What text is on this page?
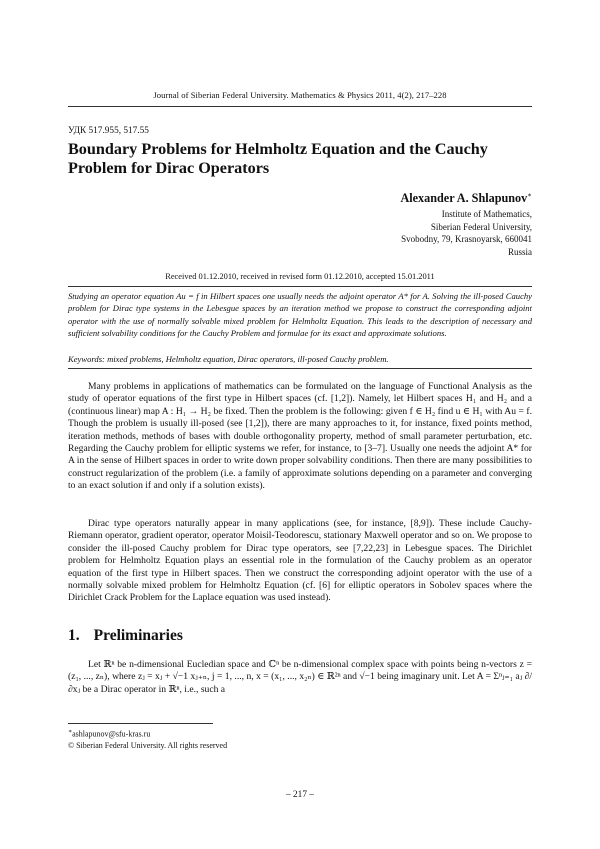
Journal of Siberian Federal University. Mathematics & Physics 2011, 4(2), 217–228
УДК 517.955, 517.55
Boundary Problems for Helmholtz Equation and the Cauchy Problem for Dirac Operators
Alexander A. Shlapunov∗
Institute of Mathematics,
Siberian Federal University,
Svobodny, 79, Krasnoyarsk, 660041
Russia
Received 01.12.2010, received in revised form 01.12.2010, accepted 15.01.2011
Studying an operator equation Au = f in Hilbert spaces one usually needs the adjoint operator A* for A. Solving the ill-posed Cauchy problem for Dirac type systems in the Lebesgue spaces by an iteration method we propose to construct the corresponding adjoint operator with the use of normally solvable mixed problem for Helmholtz Equation. This leads to the description of necessary and sufficient solvability conditions for the Cauchy Problem and formulae for its exact and approximate solutions.
Keywords: mixed problems, Helmholtz equation, Dirac operators, ill-posed Cauchy problem.

Many problems in applications of mathematics can be formulated on the language of Functional Analysis as the study of operator equations of the first type in Hilbert spaces (cf. [1,2]). Namely, let Hilbert spaces H₁ and H₂ and a (continuous linear) map A : H₁ → H₂ be fixed. Then the problem is the following: given f ∈ H₂ find u ∈ H₁ with Au = f. Though the problem is usually ill-posed (see [1,2]), there are many approaches to it, for instance, fixed points method, iteration methods, methods of bases with double orthogonality property, method of small parameter perturbation, etc. Regarding the Cauchy problem for elliptic systems we refer, for instance, to [3–7]. Usually one needs the adjoint A* for A in the sense of Hilbert spaces in order to write down proper solvability conditions. Then there are many possibilities to construct regularization of the problem (i.e. a family of approximate solutions depending on a parameter and converging to an exact solution if and only if a solution exists).

Dirac type operators naturally appear in many applications (see, for instance, [8,9]). These include Cauchy-Riemann operator, gradient operator, operator Moisil-Teodorescu, stationary Maxwell operator and so on. We propose to consider the ill-posed Cauchy problem for Dirac type operators, see [7,22,23] in Lebesgue spaces. The Dirichlet problem for Helmholtz Equation plays an essential role in the formulation of the Cauchy problem as an operator equation of the first type in Hilbert spaces. Then we construct the corresponding adjoint operator with the use of a normally solvable mixed problem for Helmholtz Equation (cf. [6] for elliptic operators in Sobolev spaces where the Dirichlet Crack Problem for the Laplace equation was used instead).

1. Preliminaries

Let ℝⁿ be n-dimensional Eucledian space and ℂⁿ be n-dimensional complex space with points being n-vectors z = (z₁, ..., zₙ), where zⱼ = xⱼ + √−1 xⱼ₊ₙ, j = 1, ..., n, x = (x₁, ..., x₂ₙ) ∈ ℝ²ⁿ and √−1 being imaginary unit. Let A = Σⁿⱼ₌₁ aⱼ ∂/∂xⱼ be a Dirac operator in ℝⁿ, i.e., such a

∗ashlapunov@sfu-kras.ru
© Siberian Federal University. All rights reserved
– 217 –
